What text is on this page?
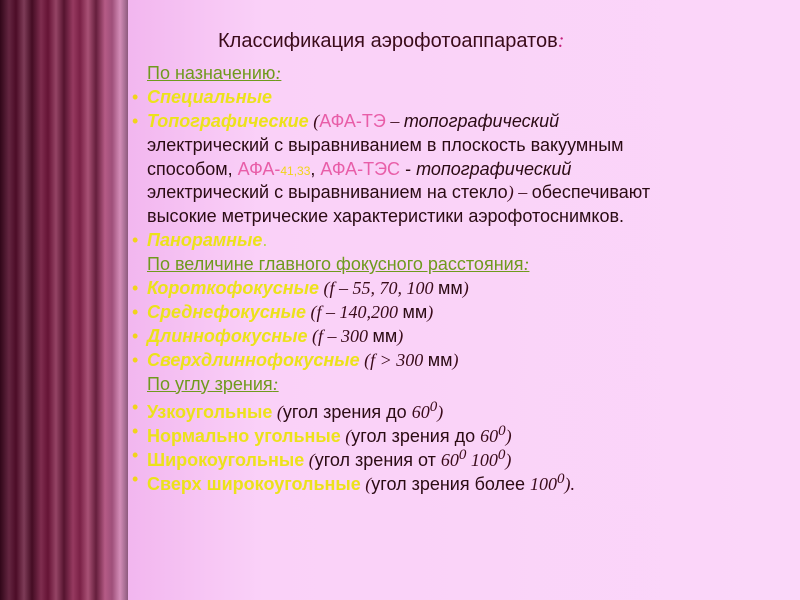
Классификация аэрофотоаппаратов:
По назначению:
• Специальные
• Топографические (АФА-ТЭ – топографический
электрический с выравниванием в плоскость вакуумным
способом, АФА-41,33, АФА-ТЭС - топографический
электрический с выравниванием на стекло) – обеспечивают
высокие метрические характеристики аэрофотоснимков.
• Панорамные.
По величине главного фокусного расстояния:
• Короткофокусные (f – 55, 70, 100 мм)
• Среднефокусные (f – 140,200 мм)
• Длиннофокусные (f – 300 мм)
• Сверхдлиннофокусные (f > 300 мм)
По углу зрения:
• Узкоугольные (угол зрения до $60^0$)
• Нормально угольные (угол зрения до $60^0$)
• Широкоугольные (угол зрения от $60^0$ $100^0$)
• Сверх широкоугольные (угол зрения более $100^0$).
